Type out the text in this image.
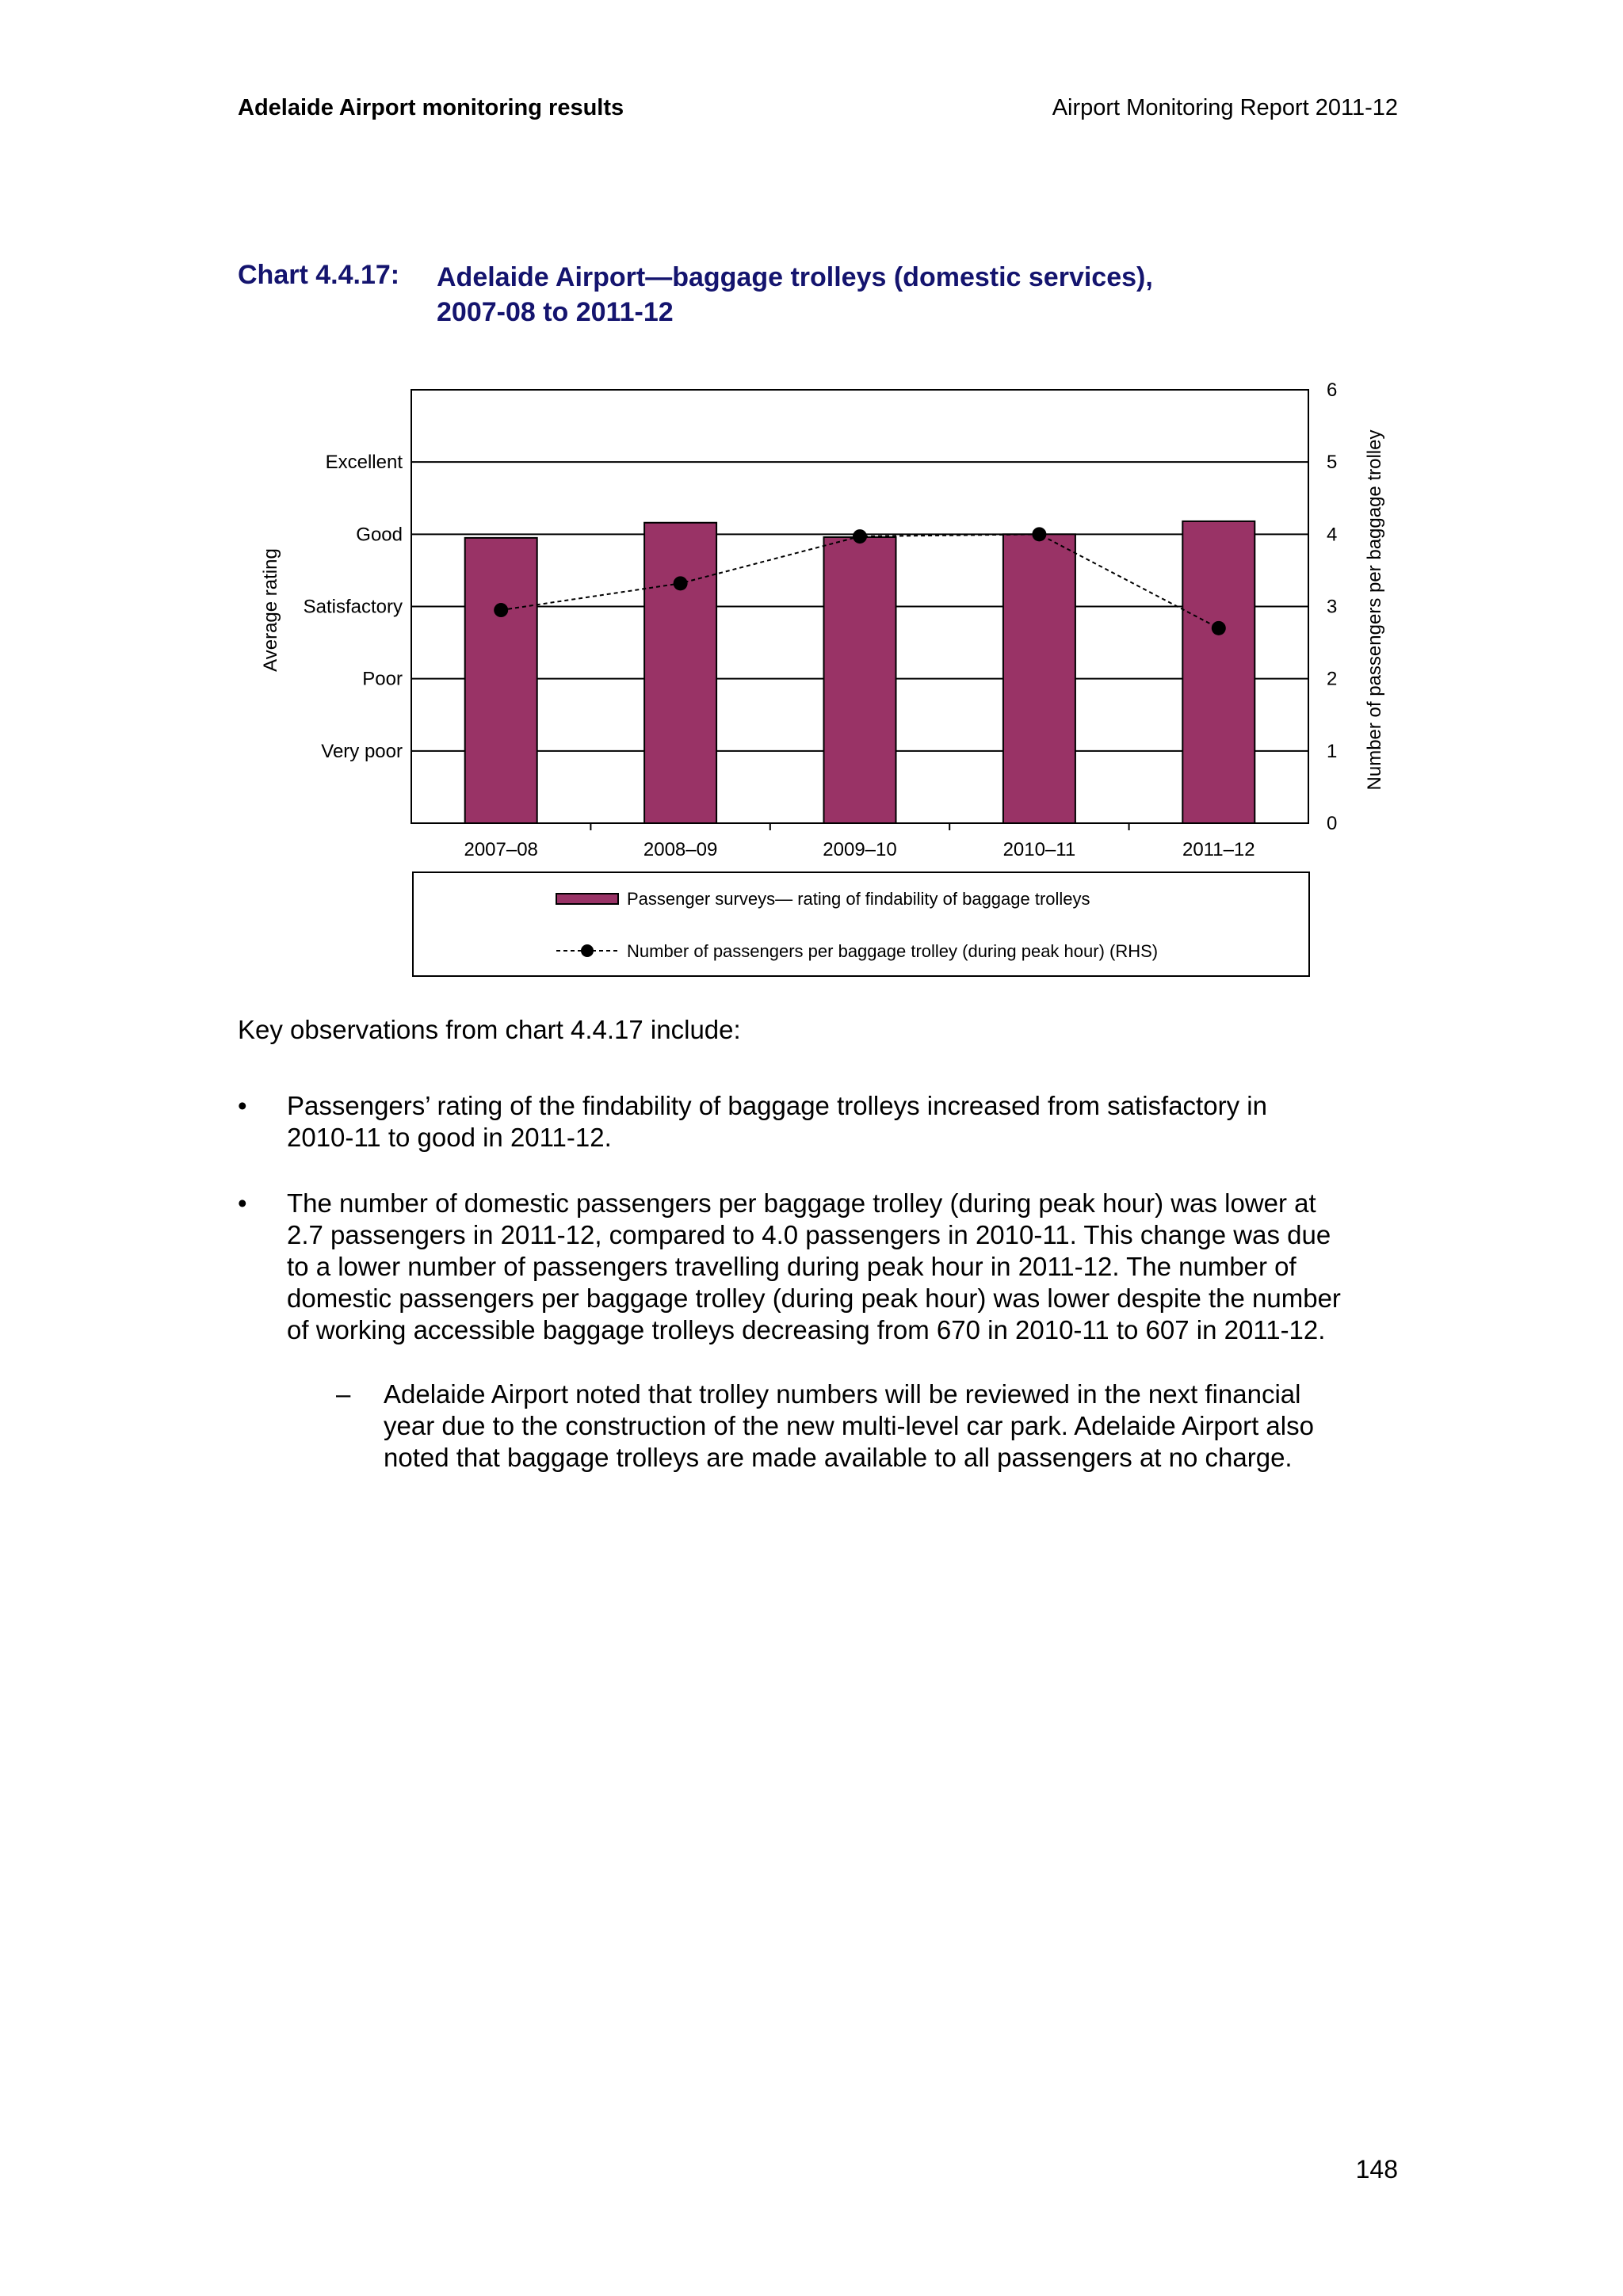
Adelaide Airport monitoring results	Airport Monitoring Report 2011-12
Chart 4.4.17: Adelaide Airport—baggage trolleys (domestic services),
2007-08 to 2011-12
2007–08	2008–09	2009–10	2010–11	2011–12
Excellent
Good
Satisfactory
Poor
Very poor
0
1
2
3
4
5
6
Average rating	Number of passengers per baggage trolley
Passenger surveys— rating of findability of baggage trolleys
Number of passengers per baggage trolley (during peak hour) (RHS)
Key observations from chart 4.4.17 include:
• Passengers’ rating of the findability of baggage trolleys increased from satisfactory in
2010-11 to good in 2011-12.
• The number of domestic passengers per baggage trolley (during peak hour) was lower at
2.7 passengers in 2011-12, compared to 4.0 passengers in 2010-11. This change was due
to a lower number of passengers travelling during peak hour in 2011-12. The number of
domestic passengers per baggage trolley (during peak hour) was lower despite the number
of working accessible baggage trolleys decreasing from 670 in 2010-11 to 607 in 2011-12.
– Adelaide Airport noted that trolley numbers will be reviewed in the next financial
year due to the construction of the new multi-level car park. Adelaide Airport also
noted that baggage trolleys are made available to all passengers at no charge.
148
